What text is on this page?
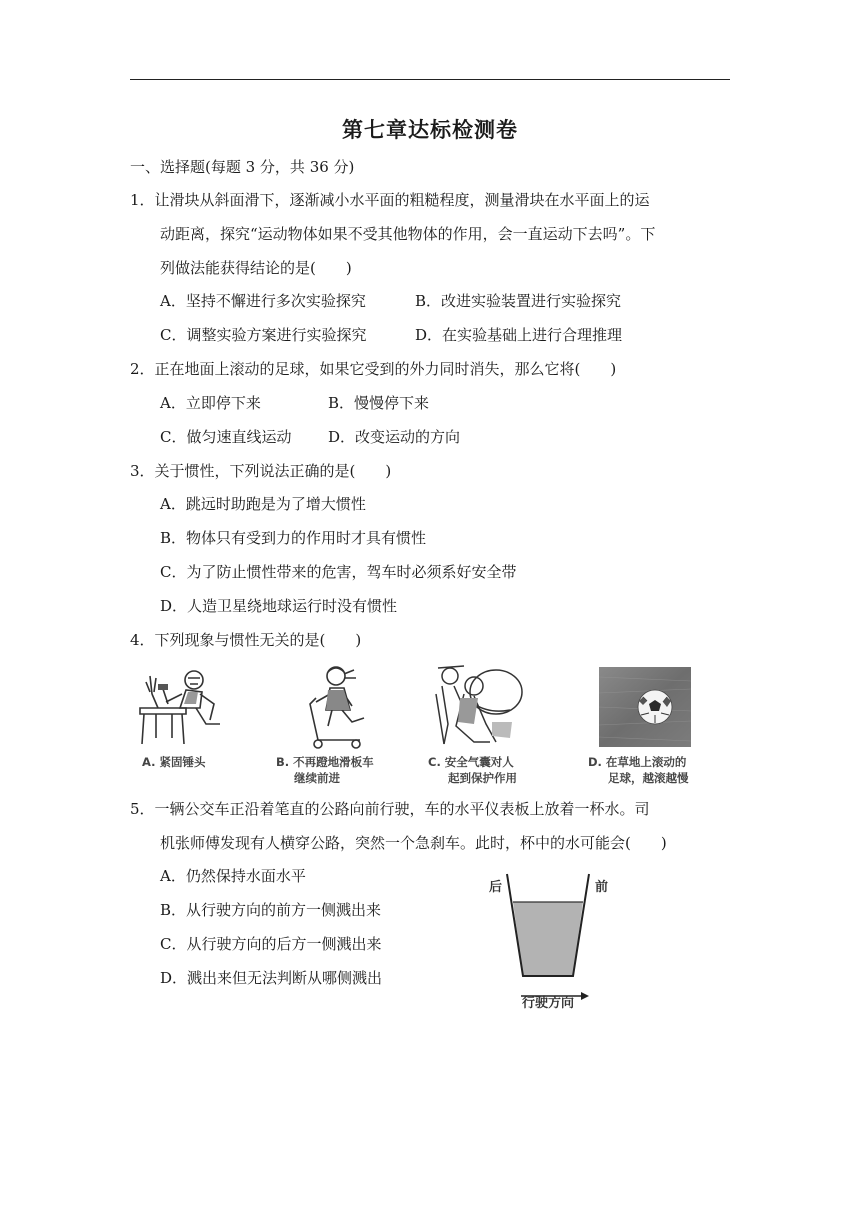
第七章达标检测卷
一、选择题(每题 3 分，共 36 分)
1．让滑块从斜面滑下，逐渐减小水平面的粗糙程度，测量滑块在水平面上的运
动距离，探究“运动物体如果不受其他物体的作用，会一直运动下去吗”。下
列做法能获得结论的是(　　)
A．坚持不懈进行多次实验探究	B．改进实验装置进行实验探究
C．调整实验方案进行实验探究	D．在实验基础上进行合理推理
2．正在地面上滚动的足球，如果它受到的外力同时消失，那么它将(　　)
A．立即停下来	B．慢慢停下来
C．做匀速直线运动 D．改变运动的方向
3．关于惯性，下列说法正确的是(　　)
A．跳远时助跑是为了增大惯性
B．物体只有受到力的作用时才具有惯性
C．为了防止惯性带来的危害，驾车时必须系好安全带
D．人造卫星绕地球运行时没有惯性
4．下列现象与惯性无关的是(　　)
A. 紧固锤头	B. 不再蹬地滑板车
继续前进
C. 安全气囊对人
起到保护作用
D. 在草地上滚动的
足球，越滚越慢
5．一辆公交车正沿着笔直的公路向前行驶，车的水平仪表板上放着一杯水。司
机张师傅发现有人横穿公路，突然一个急刹车。此时，杯中的水可能会(　　)
A．仍然保持水面水平
B．从行驶方向的前方一侧溅出来
C．从行驶方向的后方一侧溅出来
D．溅出来但无法判断从哪侧溅出
后	前
行驶方向
